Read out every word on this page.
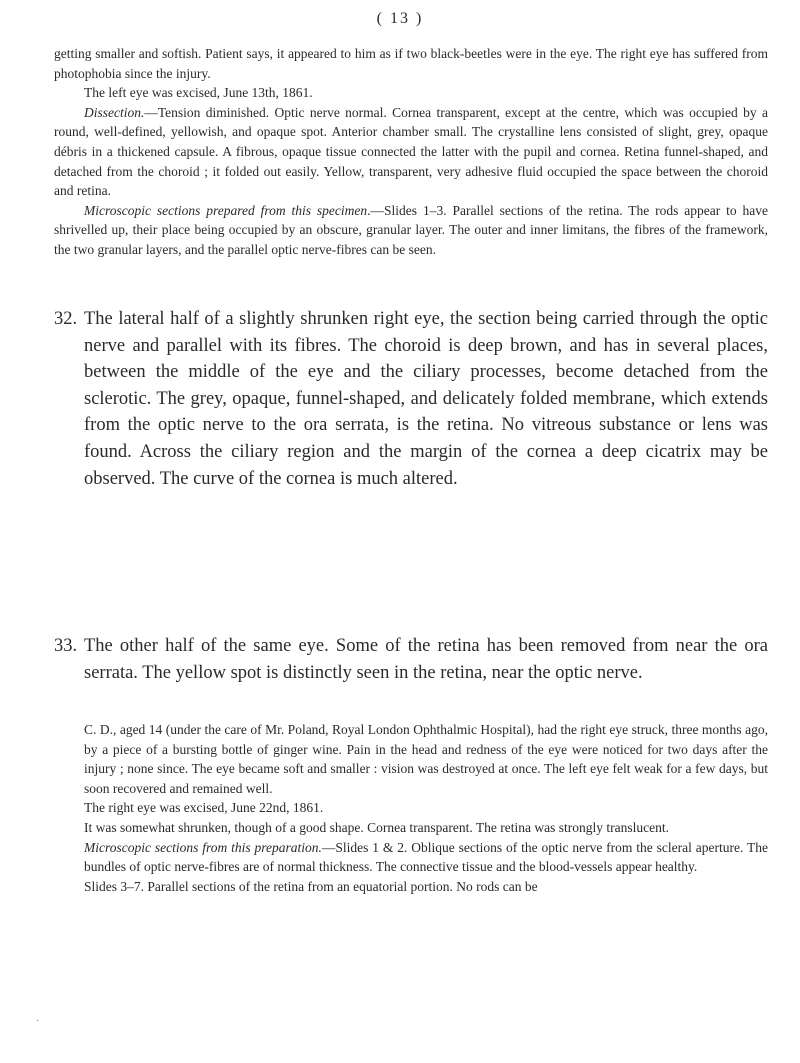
( 13 )

getting smaller and softish. Patient says, it appeared to him as if two black-beetles were in the eye. The right eye has suffered from photophobia since the injury.

The left eye was excised, June 13th, 1861.

Dissection.—Tension diminished. Optic nerve normal. Cornea transparent, except at the centre, which was occupied by a round, well-defined, yellowish, and opaque spot. Anterior chamber small. The crystalline lens consisted of slight, grey, opaque débris in a thickened capsule. A fibrous, opaque tissue connected the latter with the pupil and cornea. Retina funnel-shaped, and detached from the choroid ; it folded out easily. Yellow, transparent, very adhesive fluid occupied the space between the choroid and retina.

Microscopic sections prepared from this specimen.—Slides 1–3. Parallel sections of the retina. The rods appear to have shrivelled up, their place being occupied by an obscure, granular layer. The outer and inner limitans, the fibres of the framework, the two granular layers, and the parallel optic nerve-fibres can be seen.

32. The lateral half of a slightly shrunken right eye, the section being carried through the optic nerve and parallel with its fibres. The choroid is deep brown, and has in several places, between the middle of the eye and the ciliary processes, become detached from the sclerotic. The grey, opaque, funnel-shaped, and delicately folded membrane, which extends from the optic nerve to the ora serrata, is the retina. No vitreous substance or lens was found. Across the ciliary region and the margin of the cornea a deep cicatrix may be observed. The curve of the cornea is much altered.

33. The other half of the same eye. Some of the retina has been removed from near the ora serrata. The yellow spot is distinctly seen in the retina, near the optic nerve.

C. D., aged 14 (under the care of Mr. Poland, Royal London Ophthalmic Hospital), had the right eye struck, three months ago, by a piece of a bursting bottle of ginger wine. Pain in the head and redness of the eye were noticed for two days after the injury ; none since. The eye became soft and smaller : vision was destroyed at once. The left eye felt weak for a few days, but soon recovered and remained well.

The right eye was excised, June 22nd, 1861.

It was somewhat shrunken, though of a good shape. Cornea transparent. The retina was strongly translucent.

Microscopic sections from this preparation.—Slides 1 & 2. Oblique sections of the optic nerve from the scleral aperture. The bundles of optic nerve-fibres are of normal thickness. The connective tissue and the blood-vessels appear healthy.

Slides 3–7. Parallel sections of the retina from an equatorial portion. No rods can be

·
